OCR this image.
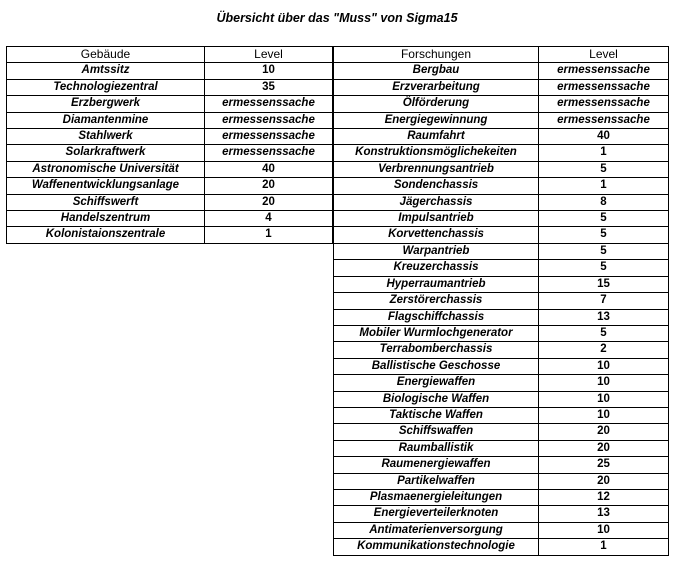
Übersicht über das "Muss" von Sigma15
Gebäude	Level
Amtssitz	10
Technologiezentral	35
Erzbergwerk	ermessenssache
Diamantenmine	ermessenssache
Stahlwerk	ermessenssache
Solarkraftwerk	ermessenssache
Astronomische Universität	40
Waffenentwicklungsanlage	20
Schiffswerft	20
Handelszentrum	4
Kolonistaionszentrale	1
Forschungen	Level
Bergbau	ermessenssache
Erzverarbeitung	ermessenssache
Ölförderung	ermessenssache
Energiegewinnung	ermessenssache
Raumfahrt	40
Konstruktionsmöglichekeiten	1
Verbrennungsantrieb	5
Sondenchassis	1
Jägerchassis	8
Impulsantrieb	5
Korvettenchassis	5
Warpantrieb	5
Kreuzerchassis	5
Hyperraumantrieb	15
Zerstörerchassis	7
Flagschiffchassis	13
Mobiler Wurmlochgenerator	5
Terrabomberchassis	2
Ballistische Geschosse	10
Energiewaffen	10
Biologische Waffen	10
Taktische Waffen	10
Schiffswaffen	20
Raumballistik	20
Raumenergiewaffen	25
Partikelwaffen	20
Plasmaenergieleitungen	12
Energieverteilerknoten	13
Antimaterienversorgung	10
Kommunikationstechnologie	1
